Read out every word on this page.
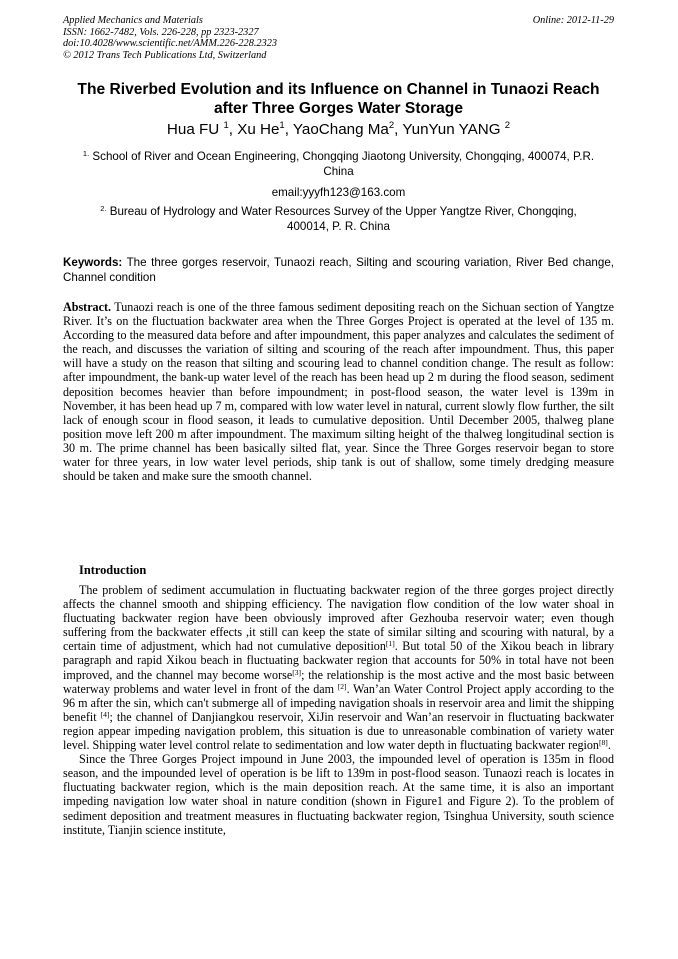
Applied Mechanics and Materials
ISSN: 1662-7482, Vols. 226-228, pp 2323-2327
doi:10.4028/www.scientific.net/AMM.226-228.2323
© 2012 Trans Tech Publications Ltd, Switzerland
Online: 2012-11-29
The Riverbed Evolution and its Influence on Channel in Tunaozi Reach
after Three Gorges Water Storage
Hua FU $^1$, Xu He$^1$, YaoChang Ma$^2$, YunYun YANG $^2$
$^{1.}$ School of River and Ocean Engineering, Chongqing Jiaotong University, Chongqing, 400074, P.R.
China
email:yyyfh123@163.com
$^{2.}$ Bureau of Hydrology and Water Resources Survey of the Upper Yangtze River, Chongqing,
400014, P. R. China
Keywords: The three gorges reservoir, Tunaozi reach, Silting and scouring variation, River Bed change, Channel condition
Abstract. Tunaozi reach is one of the three famous sediment depositing reach on the Sichuan section of Yangtze River. It’s on the fluctuation backwater area when the Three Gorges Project is operated at the level of 135 m. According to the measured data before and after impoundment, this paper analyzes and calculates the sediment of the reach, and discusses the variation of silting and scouring of the reach after impoundment. Thus, this paper will have a study on the reason that silting and scouring lead to channel condition change. The result as follow: after impoundment, the bank-up water level of the reach has been head up 2 m during the flood season, sediment deposition becomes heavier than before impoundment; in post-flood season, the water level is 139m in November, it has been head up 7 m, compared with low water level in natural, current slowly flow further, the silt lack of enough scour in flood season, it leads to cumulative deposition. Until December 2005, thalweg plane position move left 200 m after impoundment. The maximum silting height of the thalweg longitudinal section is 30 m. The prime channel has been basically silted flat, year. Since the Three Gorges reservoir began to store water for three years, in low water level periods, ship tank is out of shallow, some timely dredging measure should be taken and make sure the smooth channel.
Introduction

The problem of sediment accumulation in fluctuating backwater region of the three gorges project directly affects the channel smooth and shipping efficiency. The navigation flow condition of the low water shoal in fluctuating backwater region have been obviously improved after Gezhouba reservoir water; even though suffering from the backwater effects ,it still can keep the state of similar silting and scouring with natural, by a certain time of adjustment, which had not cumulative deposition[1]. But total 50 of the Xikou beach in library paragraph and rapid Xikou beach in fluctuating backwater region that accounts for 50% in total have not been improved, and the channel may become worse[3]; the relationship is the most active and the most basic between waterway problems and water level in front of the dam [2]. Wan’an Water Control Project apply according to the 96 m after the sin, which can't submerge all of impeding navigation shoals in reservoir area and limit the shipping benefit [4]; the channel of Danjiangkou reservoir, XiJin reservoir and Wan’an reservoir in fluctuating backwater region appear impeding navigation problem, this situation is due to unreasonable combination of variety water level. Shipping water level control relate to sedimentation and low water depth in fluctuating backwater region[8].

Since the Three Gorges Project impound in June 2003, the impounded level of operation is 135m in flood season, and the impounded level of operation is be lift to 139m in post-flood season. Tunaozi reach is locates in fluctuating backwater region, which is the main deposition reach. At the same time, it is also an important impeding navigation low water shoal in nature condition (shown in Figure1 and Figure 2). To the problem of sediment deposition and treatment measures in fluctuating backwater region, Tsinghua University, south science institute, Tianjin science institute,
